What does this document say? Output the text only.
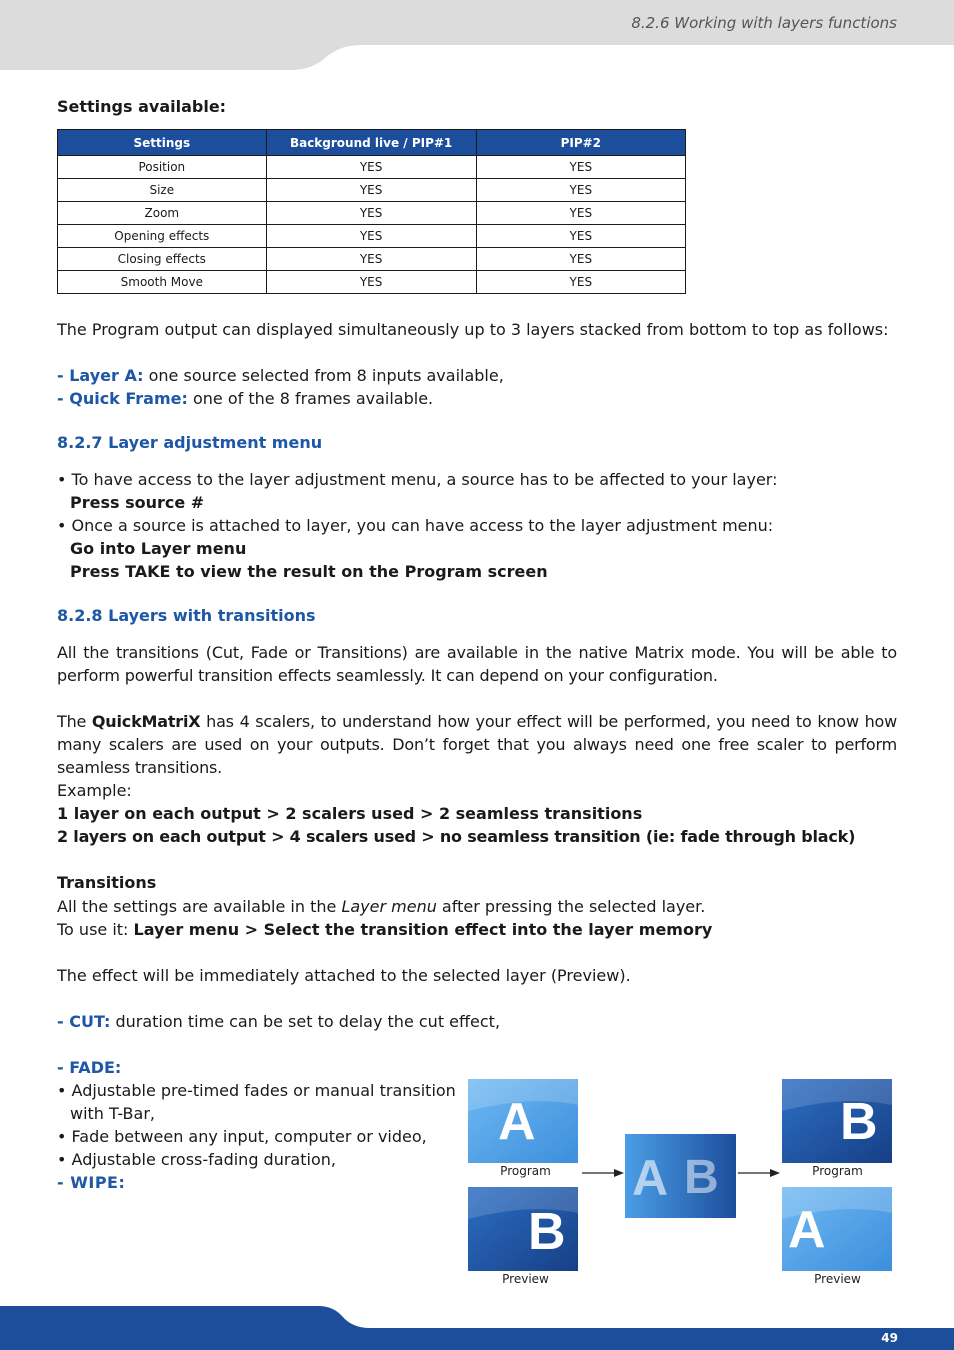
8.2.6 Working with layers functions
Settings available:
Settings	Background live / PIP#1	PIP#2
Position	YES	YES
Size	YES	YES
Zoom	YES	YES
Opening effects	YES	YES
Closing effects	YES	YES
Smooth Move	YES	YES
The Program output can displayed simultaneously up to 3 layers stacked from bottom to top as follows:
- Layer A: one source selected from 8 inputs available,
- Quick Frame: one of the 8 frames available.
8.2.7 Layer adjustment menu
• To have access to the layer adjustment menu, a source has to be affected to your layer:
Press source #
• Once a source is attached to layer, you can have access to the layer adjustment menu:
Go into Layer menu
Press TAKE to view the result on the Program screen
8.2.8 Layers with transitions
All the transitions (Cut, Fade or Transitions) are available in the native Matrix mode. You will be able to perform powerful transition effects seamlessly. It can depend on your configuration.
The QuickMatriX has 4 scalers, to understand how your effect will be performed, you need to know how many scalers are used on your outputs. Don’t forget that you always need one free scaler to perform seamless transitions.
Example:
1 layer on each output > 2 scalers used > 2 seamless transitions
2 layers on each output > 4 scalers used > no seamless transition (ie: fade through black)
Transitions
All the settings are available in the Layer menu after pressing the selected layer.
To use it: Layer menu > Select the transition effect into the layer memory
The effect will be immediately attached to the selected layer (Preview).
- CUT: duration time can be set to delay the cut effect,
- FADE:
• Adjustable pre-timed fades or manual transition
with T-Bar,
• Fade between any input, computer or video,
• Adjustable cross-fading duration,
- WIPE:
A
B
A B
B
A
Program
Preview
Program
Preview
49
